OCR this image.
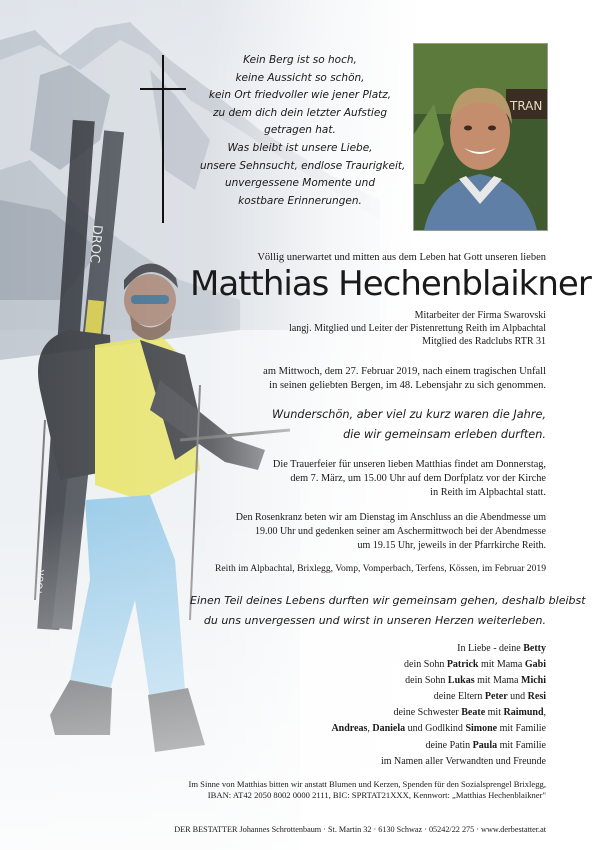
Kein Berg ist so hoch,
keine Aussicht so schön,
kein Ort friedvoller wie jener Platz,
zu dem dich dein letzter Aufstieg
getragen hat.
Was bleibt ist unsere Liebe,
unsere Sehnsucht, endlose Traurigkeit,
unvergessene Momente und
kostbare Erinnerungen.
TRAN
Völlig unerwartet und mitten aus dem Leben hat Gott unseren lieben
Matthias Hechenblaikner
Mitarbeiter der Firma Swarovski
langj. Mitglied und Leiter der Pistenrettung Reith im Alpbachtal
Mitglied des Radclubs RTR 31
am Mittwoch, dem 27. Februar 2019, nach einem tragischen Unfall
in seinen geliebten Bergen, im 48. Lebensjahr zu sich genommen.
Wunderschön, aber viel zu kurz waren die Jahre,
die wir gemeinsam erleben durften.
Die Trauerfeier für unseren lieben Matthias findet am Donnerstag,
dem 7. März, um 15.00 Uhr auf dem Dorfplatz vor der Kirche
in Reith im Alpbachtal statt.
Den Rosenkranz beten wir am Dienstag im Anschluss an die Abendmesse um
19.00 Uhr und gedenken seiner am Aschermittwoch bei der Abendmesse
um 19.15 Uhr, jeweils in der Pfarrkirche Reith.
Reith im Alpbachtal, Brixlegg, Vomp, Vomperbach, Terfens, Kössen, im Februar 2019
Einen Teil deines Lebens durften wir gemeinsam gehen, deshalb bleibst
du uns unvergessen und wirst in unseren Herzen weiterleben.
In Liebe - deine Betty
dein Sohn Patrick mit Mama Gabi
dein Sohn Lukas mit Mama Michi
deine Eltern Peter und Resi
deine Schwester Beate mit Raimund,
Andreas, Daniela und Godlkind Simone mit Familie
deine Patin Paula mit Familie
im Namen aller Verwandten und Freunde
Im Sinne von Matthias bitten wir anstatt Blumen und Kerzen, Spenden für den Sozialsprengel Brixlegg,
IBAN: AT42 2050 8002 0000 2111, BIC: SPRTAT21XXX, Kennwort: „Matthias Hechenblaikner"
DER BESTATTER Johannes Schrottenbaum · St. Martin 32 · 6130 Schwaz · 05242/22 275 · www.derbestatter.at
